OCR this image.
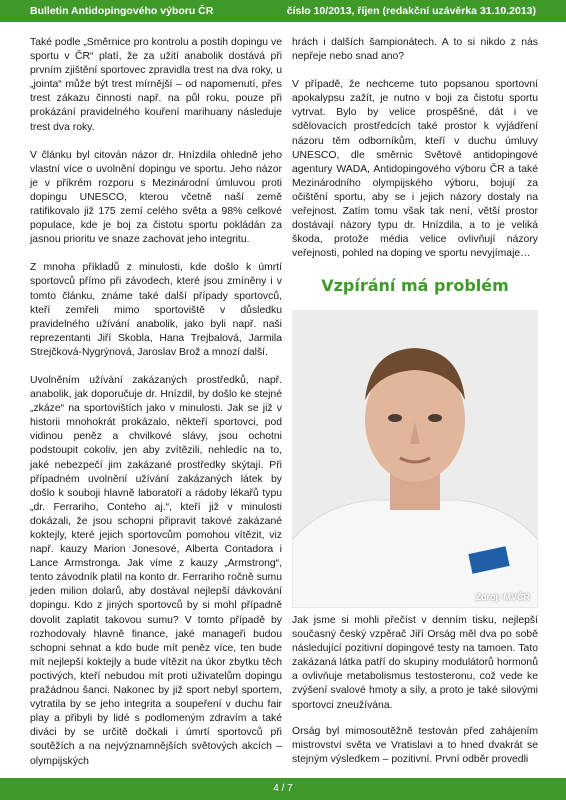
Bulletin Antidopingového výboru ČR	číslo 10/2013, říjen (redakční uzávěrka 31.10.2013)

Také podle „Směrnice pro kontrolu a postih dopingu ve sportu v ČR“ platí, že za užití anabolik dostává při prvním zjištění sportovec zpravidla trest na dva roky, u „jointa“ může být trest mírnější – od napomenutí, přes trest zákazu činnosti např. na půl roku, pouze při prokázání pravidelného kouření marihuany následuje trest dva roky.

V článku byl citován názor dr. Hnízdila ohledně jeho vlastní více o uvolnění dopingu ve sportu. Jeho názor je v příkrém rozporu s Mezinárodní úmluvou proti dopingu UNESCO, kterou včetně naší země ratifikovalo již 175 zemí celého světa a 98% celkové populace, kde je boj za čistotu sportu pokládán za jasnou prioritu ve snaze zachovat jeho integritu.

Z mnoha příkladů z minulosti, kde došlo k úmrtí sportovců přímo při závodech, které jsou zmíněny i v tomto článku, známe také další případy sportovců, kteří zemřeli mimo sportoviště v důsledku pravidelného užívání anabolik, jako byli např. naši reprezentanti Jiří Skobla, Hana Trejbalová, Jarmila Strejčková-Nygrýnová, Jaroslav Brož a mnozí další.

Uvolněním užívání zakázaných prostředků, např. anabolik, jak doporučuje dr. Hnízdil, by došlo ke stejné „zkáze“ na sportovištích jako v minulosti. Jak se již v historii mnohokrát prokázalo, někteří sportovci, pod vidinou peněz a chvilkové slávy, jsou ochotni podstoupit cokoliv, jen aby zvítězili, nehledíc na to, jaké nebezpečí jim zakázané prostředky skýtají. Při případném uvolnění užívání zakázaných látek by došlo k souboji hlavně laboratoří a rádoby lékařů typu „dr. Ferrariho, Conteho aj.“, kteří již v minulosti dokázali, že jsou schopni připravit takové zakázané koktejly, které jejich sportovcům pomohou vítězit, viz např. kauzy Marion Jonesové, Alberta Contadora i Lance Armstronga. Jak víme z kauzy „Armstrong“, tento závodník platil na konto dr. Ferrariho ročně sumu jeden milion dolarů, aby dostával nejlepší dávkování dopingu. Kdo z jiných sportovců by si mohl případně dovolit zaplatit takovou sumu? V tomto případě by rozhodovaly hlavně finance, jaké manageři budou schopni sehnat a kdo bude mít peněz více, ten bude mít nejlepší koktejly a bude vítězit na úkor zbytku těch poctivých, kteří nebudou mít proti uživatelům dopingu pražádnou šanci. Nakonec by již sport nebyl sportem, vytratila by se jeho integrita a soupeření v duchu fair play a přibyli by lidé s podlomeným zdravím a také diváci by se určitě dočkali i úmrtí sportovců při soutěžích a na nejvýznamnějších světových akcích – olympijských

hrách i dalších šampionátech. A to si nikdo z nás nepřeje nebo snad ano?

V případě, že nechceme tuto popsanou sportovní apokalypsu zažít, je nutno v boji za čistotu sportu vytrvat. Bylo by velice prospěšné, dát i ve sdělovacích prostředcích také prostor k vyjádření názoru těm odborníkům, kteří v duchu úmluvy UNESCO, dle směrnic Světové antidopingové agentury WADA, Antidopingového výboru ČR a také Mezinárodního olympijského výboru, bojují za očištění sportu, aby se i jejich názory dostaly na veřejnost. Zatím tomu však tak není, větší prostor dostávají názory typu dr. Hnízdila, a to je veliká škoda, protože média velice ovlivňují názory veřejnosti, pohled na doping ve sportu nevyjímaje…

Vzpírání má problém
Zdroj: MVČR

Jak jsme si mohli přečíst v denním tisku, nejlepší současný český vzpěrač Jiří Orság měl dva po sobě následující pozitivní dopingové testy na tamoen. Tato zakázaná látka patří do skupiny modulátorů hormonů a ovlivňuje metabolismus testosteronu, což vede ke zvýšení svalové hmoty a síly, a proto je také silovými sportovci zneužívána.

Orság byl mimosoutěžně testován před zahájením mistrovství světa ve Vratislavi a to hned dvakrát se stejným výsledkem – pozitivní. První odběr provedli

4 / 7
